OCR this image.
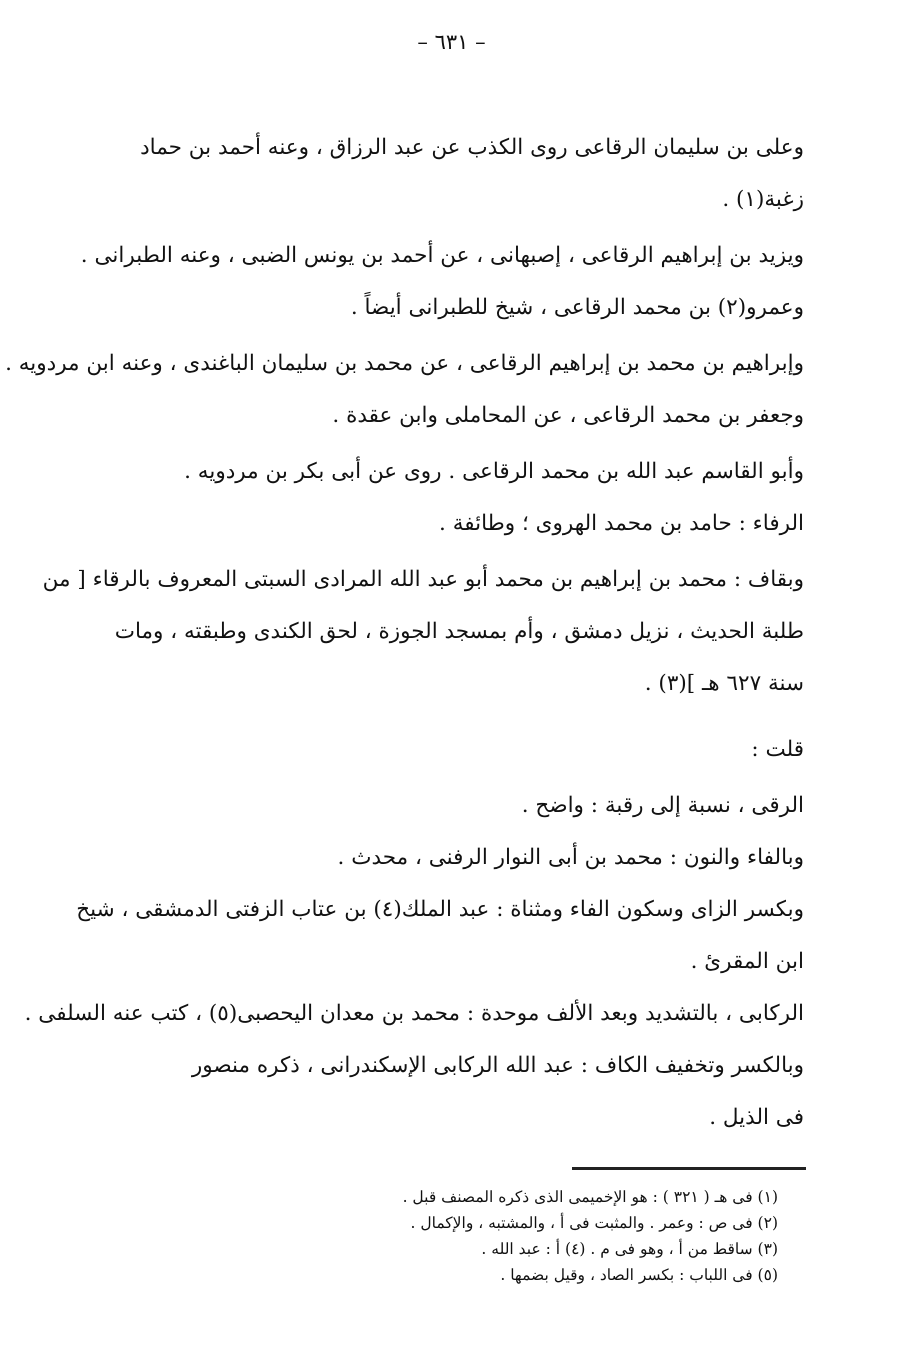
– ٦٣١ –
وعلى بن سليمان الرقاعى روى الكذب عن عبد الرزاق ، وعنه أحمد بن حماد
زغبة(١) .
ويزيد بن إبراهيم الرقاعى ، إصبهانى ، عن أحمد بن يونس الضبى ، وعنه الطبرانى .
وعمرو(٢) بن محمد الرقاعى ، شيخ للطبرانى أيضاً .
وإبراهيم بن محمد بن إبراهيم الرقاعى ، عن محمد بن سليمان الباغندى ، وعنه ابن مردويه .
وجعفر بن محمد الرقاعى ، عن المحاملى وابن عقدة .
وأبو القاسم عبد الله بن محمد الرقاعى . روى عن أبى بكر بن مردويه .
الرفاء : حامد بن محمد الهروى ؛ وطائفة .
وبقاف : محمد بن إبراهيم بن محمد أبو عبد الله المرادى السبتى المعروف بالرقاء [ من
طلبة الحديث ، نزيل دمشق ، وأم بمسجد الجوزة ، لحق الكندى وطبقته ، ومات
سنة ٦٢٧ هـ ](٣) .
قلت :
الرقى ، نسبة إلى رقبة : واضح .
وبالفاء والنون : محمد بن أبى النوار الرفنى ، محدث .
وبكسر الزاى وسكون الفاء ومثناة : عبد الملك(٤) بن عتاب الزفتى الدمشقى ، شيخ
ابن المقرئ .
الركابى ، بالتشديد وبعد الألف موحدة : محمد بن معدان اليحصبى(٥) ، كتب عنه السلفى .
وبالكسر وتخفيف الكاف : عبد الله الركابى الإسكندرانى ، ذكره منصور
فى الذيل .
(١) فى هـ ( ٣٢١ ) : هو الإخميمى الذى ذكره المصنف قبل .
(٢) فى ص : وعمر . والمثبت فى أ ، والمشتبه ، والإكمال .
(٣) ساقط من أ ، وهو فى م . (٤) أ : عبد الله .
(٥) فى اللباب : بكسر الصاد ، وقيل بضمها .
